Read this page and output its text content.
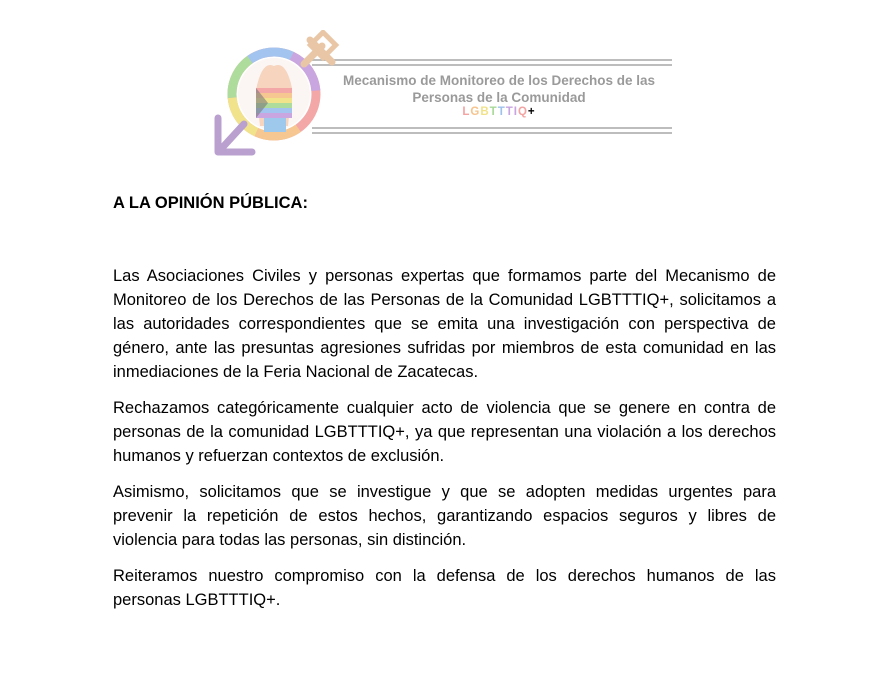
Mecanismo de Monitoreo de los Derechos de las Personas de la Comunidad
LGBTTTIQ+
A LA OPINIÓN PÚBLICA:

Las Asociaciones Civiles y personas expertas que formamos parte del Mecanismo de Monitoreo de los Derechos de las Personas de la Comunidad LGBTTTIQ+, solicitamos a las autoridades correspondientes que se emita una investigación con perspectiva de género, ante las presuntas agresiones sufridas por miembros de esta comunidad en las inmediaciones de la Feria Nacional de Zacatecas.

Rechazamos categóricamente cualquier acto de violencia que se genere en contra de personas de la comunidad LGBTTTIQ+, ya que representan una violación a los derechos humanos y refuerzan contextos de exclusión.

Asimismo, solicitamos que se investigue y que se adopten medidas urgentes para prevenir la repetición de estos hechos, garantizando espacios seguros y libres de violencia para todas las personas, sin distinción.

Reiteramos nuestro compromiso con la defensa de los derechos humanos de las personas LGBTTTIQ+.
